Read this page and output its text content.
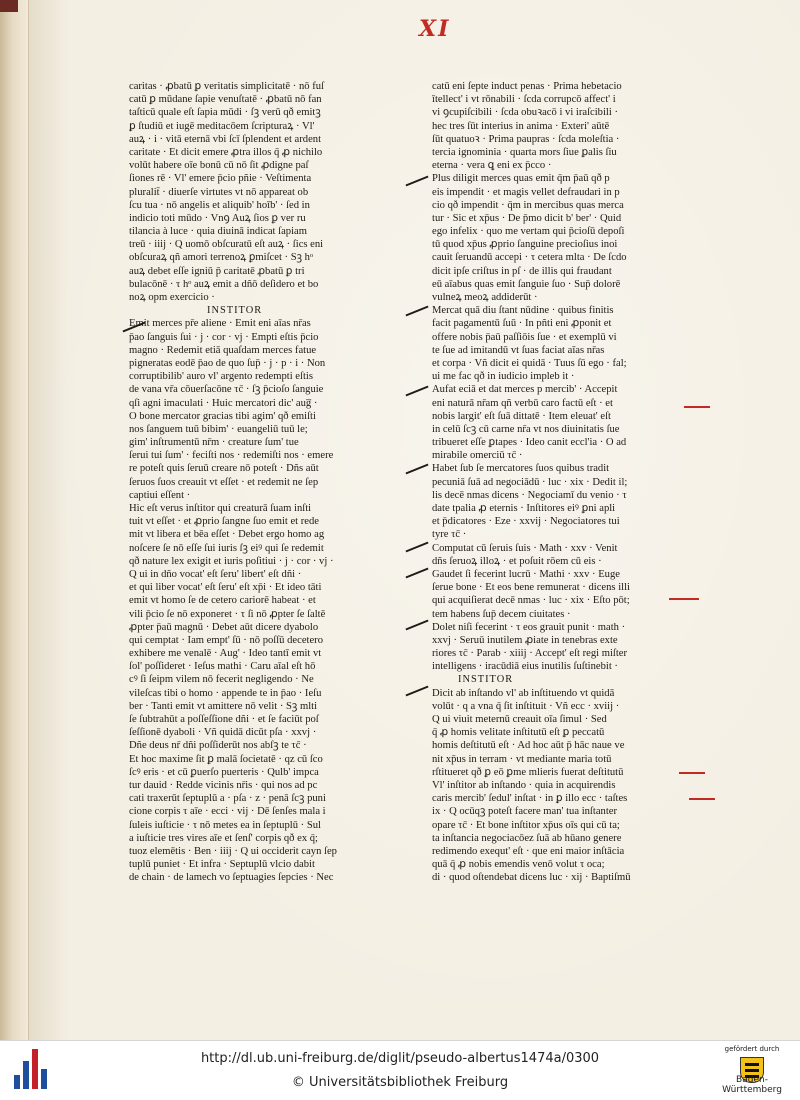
XI
caritas · ꝓbatū ꝑ veritatis simplicitatē · nō fuſ
catū ꝑ mūdane ſapie venuſtatē · ꝓbatū nō fan
taſticū quale eſt ſapia mūdi · ſꝫ verū qð emitꝫ
ꝑ ſtudiū et iugē meditacōem ſcripturaꝝ · Vl'
auꝝ · i · vitā eternā vbi ſcī ſplendent et ardent
caritate · Et dicit emere ꝓtra illos q̄ ꝓ nichilo
volūt habere oīe bonū cū nō ſit ꝓdigne paſ
ſiones rē · Vl' emere p̄cio pñie · Veſtimenta
pluralit̄ · diuerſe virtutes vt nō appareat ob
ſcu tua · nō angelis et aliquib' hoīb' · ſed in
indicio toti mūdo · Vnꝯ Auꝝ ſios ꝑ ver ru
tilancia à luce · quia diuinā indicat ſapiam
treū · iiij · Q uomō obſcuratū eſt auꝝ · ſics eni
obſcuraꝝ qñ amori terrenoꝝ ꝑmiſcet · Sꝫ hᵒ
auꝝ debet eſſe igniū p̄ caritatē ꝓbatū ꝑ tri
bulacōnē · τ hᵒ auꝝ emit a dñō deſidero et bo
noꝝ opm exercicio ·
INSTITOR
Emit merces pr̄e aliene · Emit eni aīas nr̄as
p̄ao ſanguis ſui · j · cor · vj · Empti eſtis p̄cio
magno · Redemit etiā quaſdam merces fatue
pigneratas eodē p̄ao de quo ſup̄ · j · p · i · Non
corruptibilib' auro vl' argento redempti eſtis
de vana vr̄a cōuerſacōne τc̄ · ſꝫ p̄cioſo ſanguie
qſi agni imaculati · Huic mercatori dic' aug̅ ·
O bone mercator gracias tibi agim' qð emiſti
nos ſanguem tuū bibim' · euangeliū tuū le;
gim' inſtrumentū nr̄m · creature ſum' tue
ſerui tui ſum' · feciſti nos · redemiſti nos · emere
re poteſt quis ſeruū creare nō poteſt · Dñs aūt
ſeruos ſuos creauit vt eſſet · et redemit ne ſep
captiui eſſent ·
Hic eſt verus inſtitor qui creaturā ſuam inſti
tuit vt eſſet · et ꝓprio ſangne ſuo emit et rede
mit vt libera et bēa eſſet · Debet ergo homo ag
noſcere ſe nō eſſe ſui iuris ſꝫ eiꝰ qui ſe redemit
qð nature lex exigit et iuris poſitiui · j · cor · vj ·
Q ui in dño vocat' eſt ſeru' libert' eſt dñi ·
et qui liber vocat' eſt ſeru' eſt xp̄i · Et ideo tāti
emit vt homo ſe de cetero cariorē habeat · et
vili p̄cio ſe nō exponeret · τ ſi nō ꝓpter ſe ſaltē
ꝓpter p̄aū magnū · Debet aūt dicere dyabolo
qui cemptat · Iam empt' ſū · nō poſſū decetero
exhibere me venalē · Aug' · Ideo tantī emit vt
ſol' poſſideret · Ieſus mathi · Caru aīal eſt hō
cꝰ ſi ſeipm vilem nō fecerit negligendo · Ne
vileſcas tibi o homo · appende te in p̄ao · Ieſu
ber · Tanti emit vt amittere nō velit · Sꝫ mlti
ſe ſubtrahūt a poſſeſſione dñi · et ſe faciūt poſ
ſeſſionē dyaboli · Vñ quidā dicūt pſa · xxvj ·
Dñe deus nr̄ dñi poſſiderūt nos abſꝫ te τc̄ ·
Et hoc maxime ſit ꝑ malā ſocietatē · qz cū ſco
ſcꝰ eris · et cū ꝑuerſo puerteris · Qulb' impca
tur dauid · Redde vicinis nr̄is · qui nos ad pc
cati traxerūt ſeptuplū a · pſa · z · penā ſcꝫ puni
cione corpis τ aīe · ecci · vij · Dē ſenſes mala i
ſuleis iuſticie · τ nō metes ea in ſeptuplū · Sul
a iuſticie tres vires aīe et ſenſ' corpis qð ex q̄;
tuoz elemētis · Ben · iiij · Q ui occiderit cayn ſep
tuplū puniet · Et infra · Septuplū vlcio dabit
de chain · de lamech vo ſeptuagies ſepcies · Nec
catū eni ſepte induct penas · Prima hebetacio
ītellect' i vt rōnabili · ſcda corrupcō affect' i
vi ꝯcupiſcibili · ſcda obuꝛacō i vi iraſcibili ·
hec tres ſūt interius in anima · Exteri' aūtē
ſūt quatuoꝛ · Prima paupras · ſcda moleſtia ·
tercia ignominia · quarta mors ſiue ꝑalis ſiu
eterna · vera ꝗ eni ex p̄cco ·
Plus diligit merces quas emit q̄m p̄aū qð p
eis impendit · et magis vellet defraudari in p
cio qð impendit · q̄m in mercibus quas merca
tur · Sic et xp̄us · De p̄mo dicit b' ber' · Quid
ego infelix · quo me vertam qui p̄cioſū depoſi
tū quod xp̄us ꝓprio ſanguine precioſius inoi
cauit ſeruandū accepi · τ cetera mlta · De ſcdo
dicit ipſe criſtus in pſ · de illis qui fraudant
eū aīabus quas emit ſanguie ſuo · Sup̄ dolorē
vulneꝝ meoꝝ addiderūt ·
Mercat quā diu ſtant nūdine · quibus finitis
facit pagamentū ſuū · In pñti eni ꝓponit et
offere nobis p̄aū paſſiōis ſue · et exemplū vi
te ſue ad imitandū vt ſuas faciat aīas nr̄as
et corpa · Vñ dicit ei quidā · Tuus ſū ego · fal;
ui me fac qð in iudicio impleb it ·
Aufat eciā et dat merces p mercib' · Accepit
eni naturā nr̄am qñ verbū caro factū eſt · et
nobis largit' eſt ſuā dittatē · Item eleuat' eſt
in celū ſcꝫ cū carne nr̄a vt nos diuinitatis ſue
tribueret eſſe ꝑtapes · Ideo canit eccl'ia · O ad
mirabile omerciū τc̄ ·
Habet ſub ſe mercatores ſuos quibus tradit
pecuniā ſuā ad negociādū · luc · xix · Dedit il;
lis decē nmas dicens · Negociamī du venio · τ
date tpalia ꝓ eternis · Inſtitores eiꝰ ꝑni apli
et p̄dicatores · Eze · xxvij · Negociatores tui
tyre τc̄ ·
Computat cū ſeruis ſuis · Math · xxv · Venit
dñs ſeruoꝝ illoꝝ · et poſuit rōem cū eis ·
Gaudet ſi fecerint lucrū · Mathi · xxv · Euge
ſerue bone · Et eos bene remunerat · dicens illi
qui acquiſierat decē nmas · luc · xix · Eſto pōt;
tem habens ſup̄ decem ciuitates ·
Dolet niſi fecerint · τ eos grauit punit · math ·
xxvj · Seruū inutilem ꝓiate in tenebras exte
riores τc̄ · Parab · xiiij · Accept' eſt regi miſter
intelligens · iracūdiā eius inutilis ſuſtinebit ·
INSTITOR
Dicit ab inſtando vl' ab inſtituendo vt quidā
volūt · q a vna q̄ ſit inſtituit · Vñ ecc · xviij ·
Q ui viuit meternū creauit oīa ſimul · Sed
q̄ ꝓ homis velitate inſtitutū eſt ꝑ peccatū
homis deſtitutū eſt · Ad hoc aūt p̄ hāc naue ve
nit xp̄us in terram · vt mediante maria totū
rſtitueret qð ꝑ eō ꝑme mlieris fuerat deſtitutū
Vl' inſtitor ab inſtando · quia in acquirendis
caris mercib' ſedul' inſtat · in ꝑ illo ecc · taſtes
ix · Q ocūqꝫ poteſt facere man' tua inſtanter
opare τc̄ · Et bone inſtitor xp̄us oīs qui cū ta;
ta inſtancia negociacōez ſuā ab hūano genere
redimendo exequt' eſt · que eni maior inſtācia
quā q̄ ꝓ nobis emendis venō volut τ oca;
di · quod oſtendebat dicens luc · xij · Baptiſmū
http://dl.ub.uni-freiburg.de/diglit/pseudo-albertus1474a/0300
© Universitätsbibliothek Freiburg
gefördert durch
Baden-Württemberg
